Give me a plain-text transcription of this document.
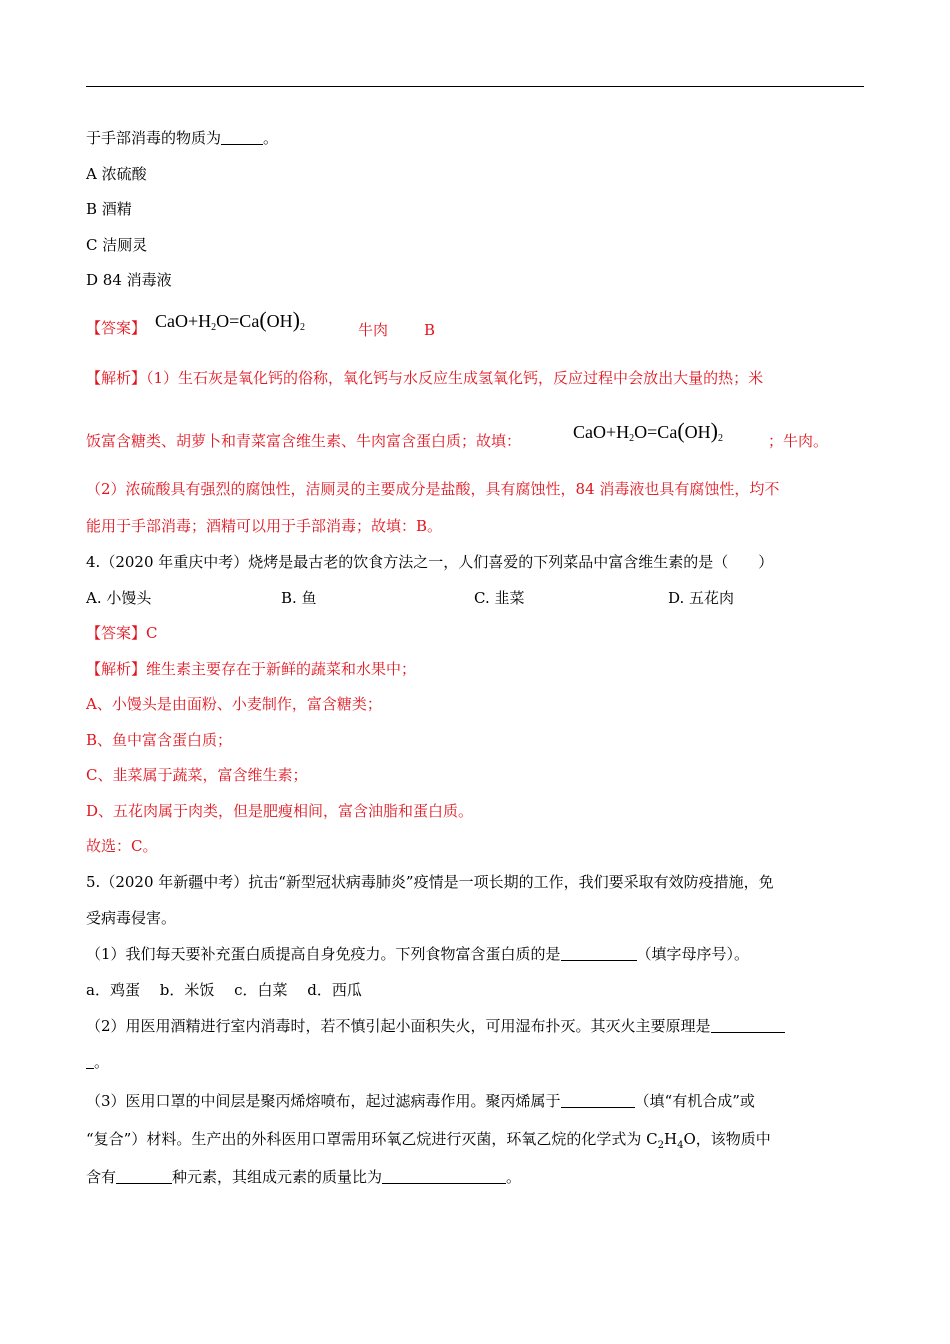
于手部消毒的物质为	。
A 浓硫酸
B 酒精
C 洁厕灵
D 84 消毒液
【答案】 $CaO+H_2O=Ca(OH)_2$	牛肉 B
【解析】（1）生石灰是氧化钙的俗称，氧化钙与水反应生成氢氧化钙，反应过程中会放出大量的热；米
饭富含糖类、胡萝卜和青菜富含维生素、牛肉富含蛋白质；故填：	$CaO+H_2O=Ca(OH)_2$	；牛肉。
（2）浓硫酸具有强烈的腐蚀性，洁厕灵的主要成分是盐酸，具有腐蚀性，84 消毒液也具有腐蚀性，均不
能用于手部消毒；酒精可以用于手部消毒；故填：B。
4.（2020 年重庆中考）烧烤是最古老的饮食方法之一，人们喜爱的下列菜品中富含维生素的是（　　）
A. 小馒头	B. 鱼	C. 韭菜	D. 五花肉
【答案】C
【解析】维生素主要存在于新鲜的蔬菜和水果中；
A、小馒头是由面粉、小麦制作，富含糖类；
B、鱼中富含蛋白质；
C、韭菜属于蔬菜，富含维生素；
D、五花肉属于肉类，但是肥瘦相间，富含油脂和蛋白质。
故选：C。
5.（2020 年新疆中考）抗击“新型冠状病毒肺炎”疫情是一项长期的工作，我们要采取有效防疫措施，免
受病毒侵害。
（1）我们每天要补充蛋白质提高自身免疫力。下列食物富含蛋白质的是	（填字母序号）。
a．鸡蛋　 b．米饭　 c．白菜　 d．西瓜
（2）用医用酒精进行室内消毒时，若不慎引起小面积失火，可用湿布扑灭。其灭火主要原理是
。
（3）医用口罩的中间层是聚丙烯熔喷布，起过滤病毒作用。聚丙烯属于	（填“有机合成”或
“复合”）材料。生产出的外科医用口罩需用环氧乙烷进行灭菌，环氧乙烷的化学式为 $C_2H_4O$，该物质中
含有	种元素，其组成元素的质量比为	。
